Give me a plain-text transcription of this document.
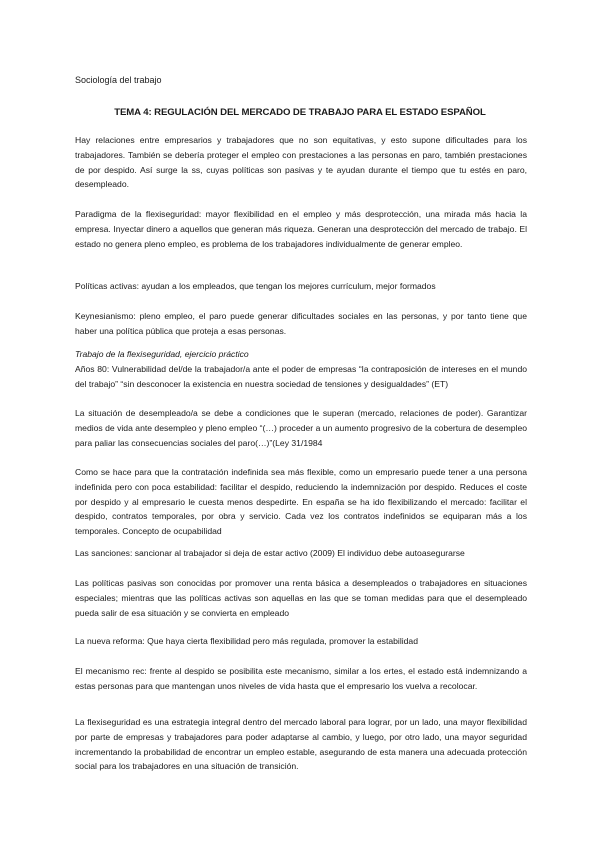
Sociología del trabajo
TEMA 4: REGULACIÓN DEL MERCADO DE TRABAJO PARA EL ESTADO ESPAÑOL

Hay relaciones entre empresarios y trabajadores que no son equitativas, y esto supone dificultades para los trabajadores. También se debería proteger el empleo con prestaciones a las personas en paro, también prestaciones de por despido. Así surge la ss, cuyas políticas son pasivas y te ayudan durante el tiempo que tu estés en paro, desempleado.

Paradigma de la flexiseguridad: mayor flexibilidad en el empleo y más desprotección, una mirada más hacia la empresa. Inyectar dinero a aquellos que generan más riqueza. Generan una desprotección del mercado de trabajo. El estado no genera pleno empleo, es problema de los trabajadores individualmente de generar empleo.

Políticas activas: ayudan a los empleados, que tengan los mejores currículum, mejor formados

Keynesianismo: pleno empleo, el paro puede generar dificultades sociales en las personas, y por tanto tiene que haber una política pública que proteja a esas personas.

Trabajo de la flexiseguridad, ejercicio práctico
Años 80: Vulnerabilidad del/de la trabajador/a ante el poder de empresas “la contraposición de intereses en el mundo del trabajo” “sin desconocer la existencia en nuestra sociedad de tensiones y desigualdades” (ET)

La situación de desempleado/a se debe a condiciones que le superan (mercado, relaciones de poder). Garantizar medios de vida ante desempleo y pleno empleo “(…) proceder a un aumento progresivo de la cobertura de desempleo para paliar las consecuencias sociales del paro(…)”(Ley 31/1984

Como se hace para que la contratación indefinida sea más flexible, como un empresario puede tener a una persona indefinida pero con poca estabilidad: facilitar el despido, reduciendo la indemnización por despido. Reduces el coste por despido y al empresario le cuesta menos despedirte. En españa se ha ido flexibilizando el mercado: facilitar el despido, contratos temporales, por obra y servicio. Cada vez los contratos indefinidos se equiparan más a los temporales. Concepto de ocupabilidad

Las sanciones: sancionar al trabajador si deja de estar activo (2009) El individuo debe autoasegurarse

Las políticas pasivas son conocidas por promover una renta básica a desempleados o trabajadores en situaciones especiales; mientras que las políticas activas son aquellas en las que se toman medidas para que el desempleado pueda salir de esa situación y se convierta en empleado

La nueva reforma: Que haya cierta flexibilidad pero más regulada, promover la estabilidad

El mecanismo rec: frente al despido se posibilita este mecanismo, similar a los ertes, el estado está indemnizando a estas personas para que mantengan unos niveles de vida hasta que el empresario los vuelva a recolocar.

La flexiseguridad es una estrategia integral dentro del mercado laboral para lograr, por un lado, una mayor flexibilidad por parte de empresas y trabajadores para poder adaptarse al cambio, y luego, por otro lado, una mayor seguridad incrementando la probabilidad de encontrar un empleo estable, asegurando de esta manera una adecuada protección social para los trabajadores en una situación de transición.
